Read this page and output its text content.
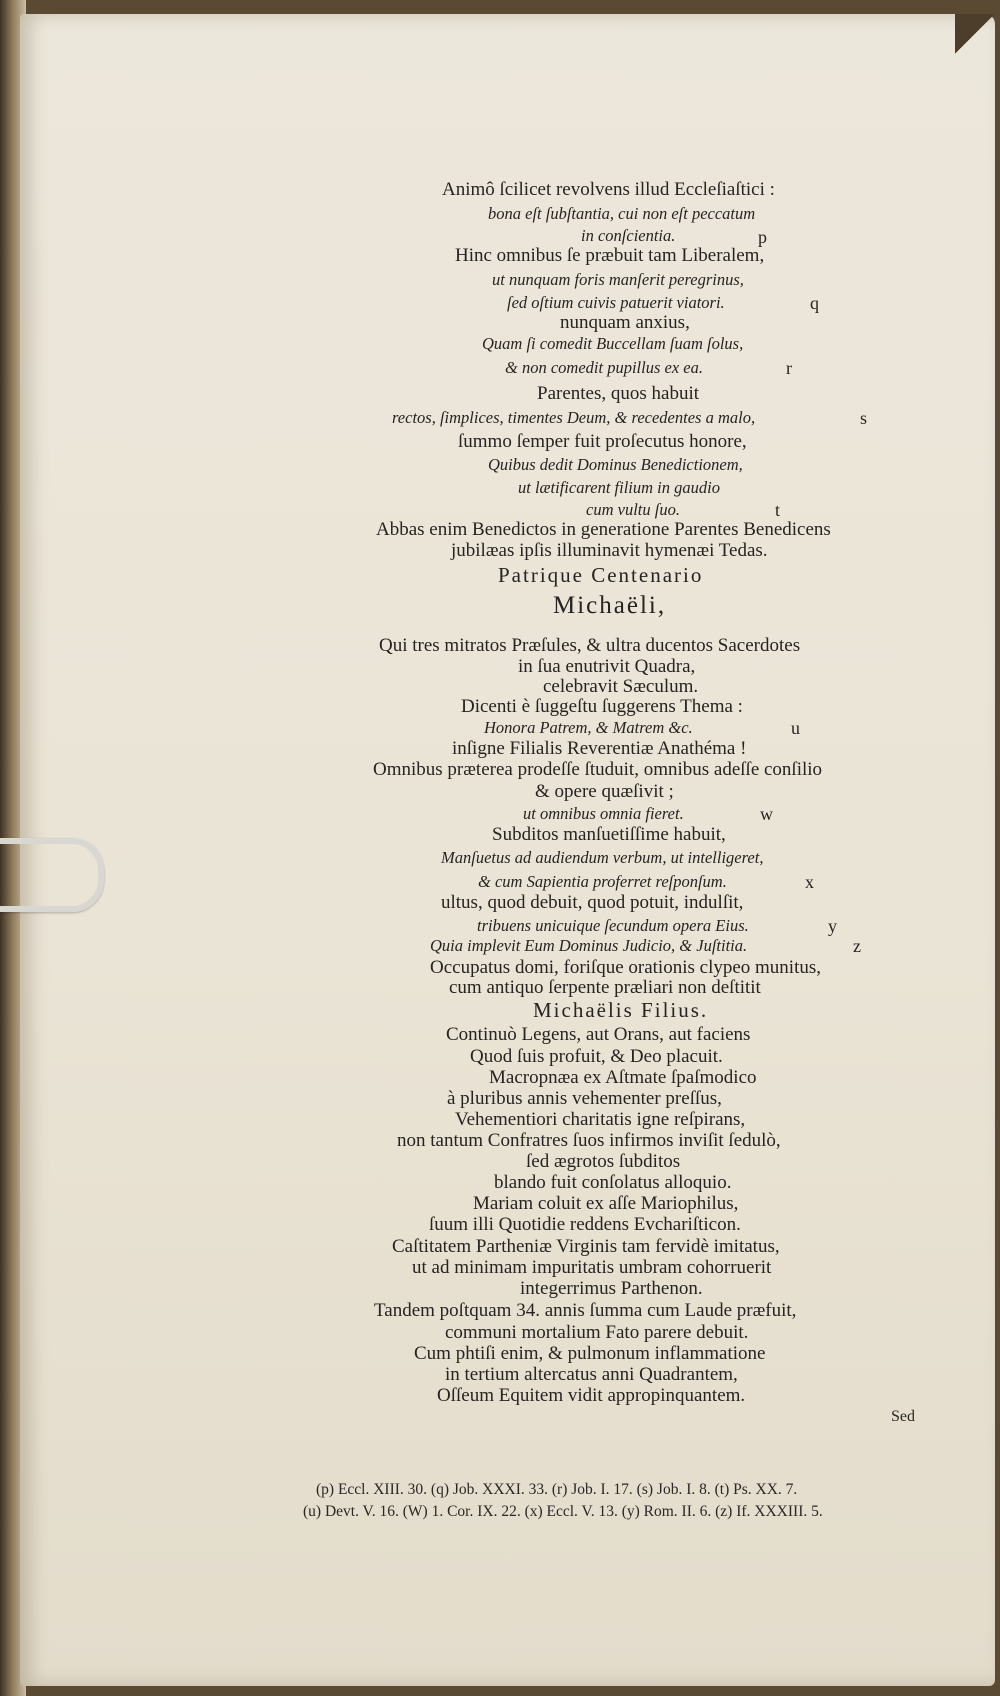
Animô ſcilicet revolvens illud Eccleſiaſtici :
bona eſt ſubſtantia, cui non eſt peccatum
in conſcientia.
Hinc omnibus ſe præbuit tam Liberalem,
ut nunquam foris manſerit peregrinus,
ſed oſtium cuivis patuerit viatori.
nunquam anxius,
Quam ſi comedit Buccellam ſuam ſolus,
& non comedit pupillus ex ea.
Parentes, quos habuit
rectos, ſimplices, timentes Deum, & recedentes a malo,
ſummo ſemper fuit proſecutus honore,
Quibus dedit Dominus Benedictionem,
ut lætificarent filium in gaudio
cum vultu ſuo.
Abbas enim Benedictos in generatione Parentes Benedicens
jubilæas ipſis illuminavit hymenæi Tedas.
Patrique Centenario
Michaëli,
Qui tres mitratos Præſules, & ultra ducentos Sacerdotes
in ſua enutrivit Quadra,
celebravit Sæculum.
Dicenti è ſuggeſtu ſuggerens Thema :
Honora Patrem, & Matrem &c.
inſigne Filialis Reverentiæ Anathéma !
Omnibus præterea prodeſſe ſtuduit, omnibus adeſſe conſilio
& opere quæſivit ;
ut omnibus omnia fieret.
Subditos manſuetiſſime habuit,
Manſuetus ad audiendum verbum, ut intelligeret,
& cum Sapientia proferret reſponſum.
ultus, quod debuit, quod potuit, indulſit,
tribuens unicuique ſecundum opera Eius.
Quia implevit Eum Dominus Judicio, & Juſtitia.
Occupatus domi, foriſque orationis clypeo munitus,
cum antiquo ſerpente præliari non deſtitit
Michaëlis Filius.
Continuò Legens, aut Orans, aut faciens
Quod ſuis profuit, & Deo placuit.
Macropnæa ex Aſtmate ſpaſmodico
à pluribus annis vehementer preſſus,
Vehementiori charitatis igne reſpirans,
non tantum Confratres ſuos infirmos inviſit ſedulò,
ſed ægrotos ſubditos
blando fuit conſolatus alloquio.
Mariam coluit ex aſſe Mariophilus,
ſuum illi Quotidie reddens Evchariſticon.
Caſtitatem Partheniæ Virginis tam fervidè imitatus,
ut ad minimam impuritatis umbram cohorruerit
integerrimus Parthenon.
Tandem poſtquam 34. annis ſumma cum Laude præfuit,
communi mortalium Fato parere debuit.
Cum phtiſi enim, & pulmonum inflammatione
in tertium altercatus anni Quadrantem,
Oſſeum Equitem vidit appropinquantem.
p
q
r
s
t
u
w
x
y
z
Sed
(p) Eccl. XIII. 30. (q) Job. XXXI. 33. (r) Job. I. 17. (s) Job. I. 8. (t) Ps. XX. 7.
(u) Devt. V. 16. (W) 1. Cor. IX. 22. (x) Eccl. V. 13. (y) Rom. II. 6. (z) If. XXXIII. 5.
